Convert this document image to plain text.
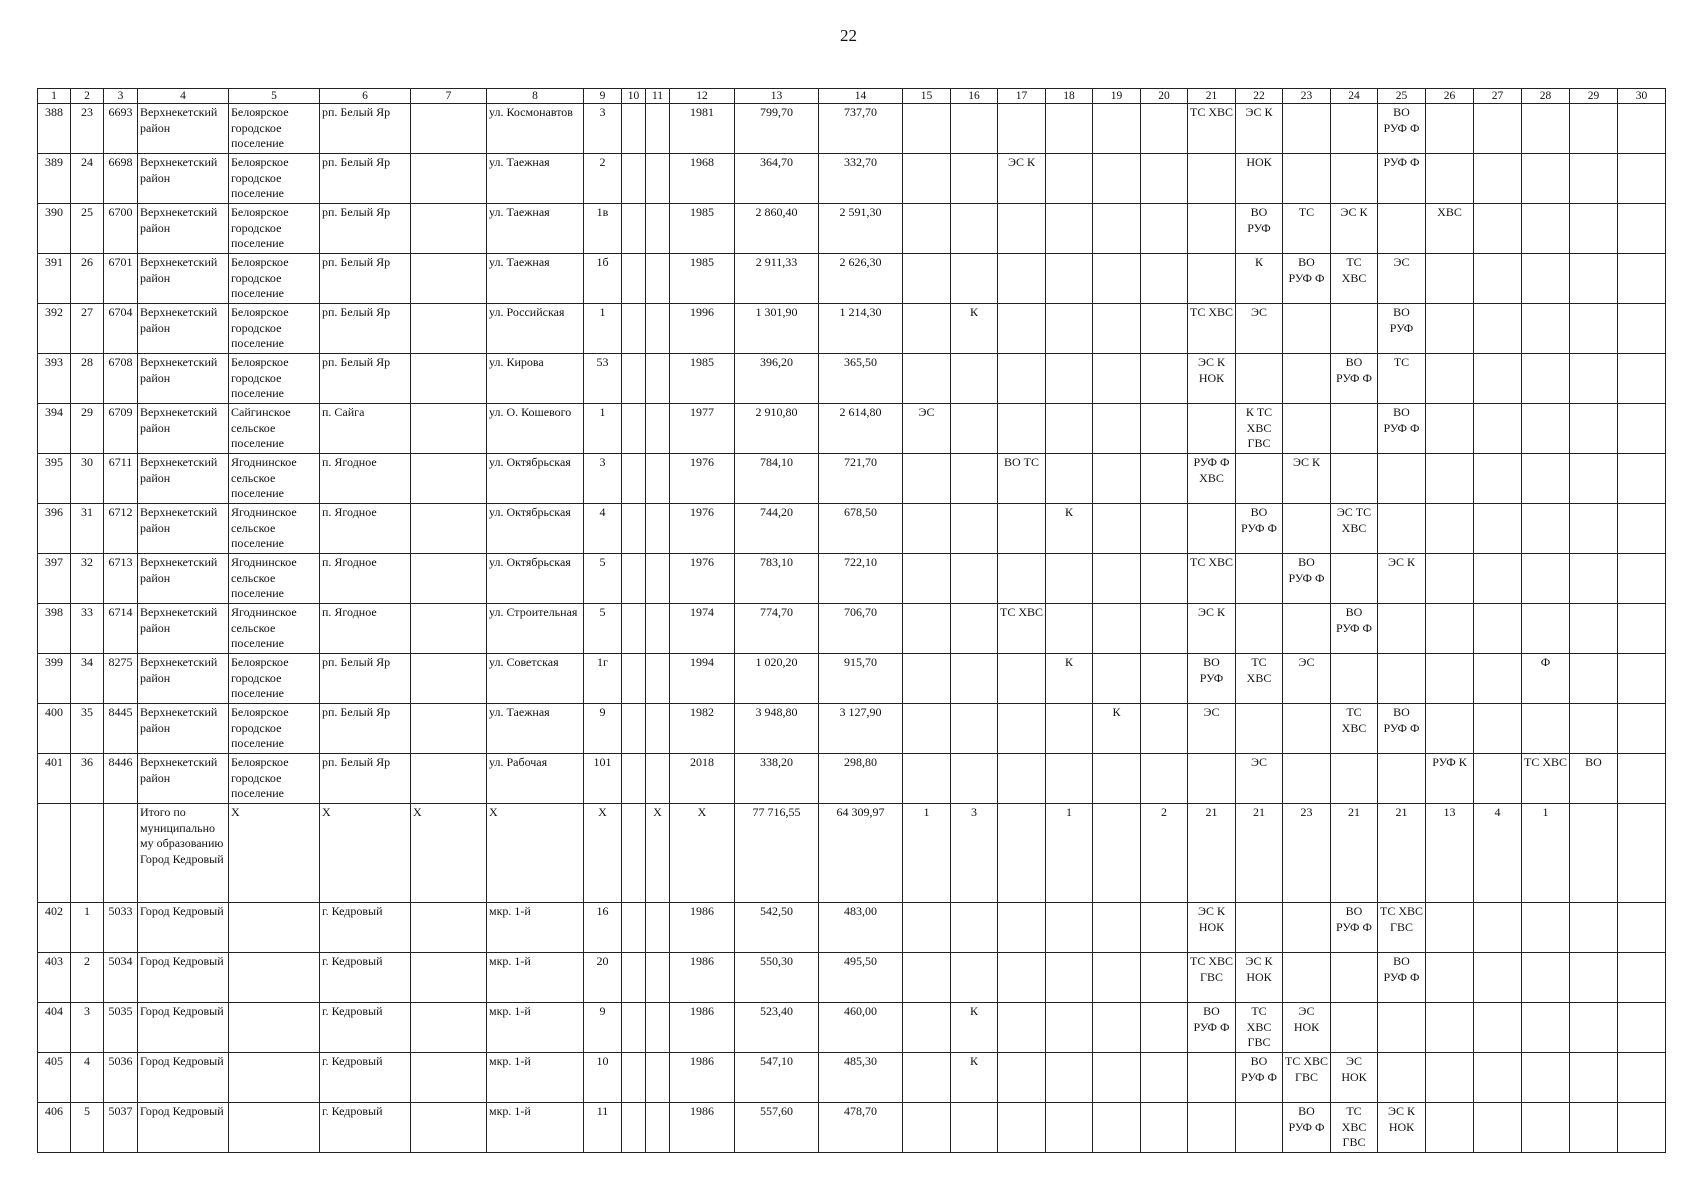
22
1	2	3	4	5	6	7	8	9	10	11	12	13	14	15	16	17	18	19	20	21	22	23	24	25	26	27	28	29	30
388	23	6693	Верхнекетский район	Белоярское городское поселение	рп. Белый Яр		ул. Космонавтов	3			1981	799,70	737,70							ТС ХВС	ЭС К			ВО РУФ Ф					
389	24	6698	Верхнекетский район	Белоярское городское поселение	рп. Белый Яр		ул. Таежная	2			1968	364,70	332,70			ЭС К					НОК			РУФ Ф					
390	25	6700	Верхнекетский район	Белоярское городское поселение	рп. Белый Яр		ул. Таежная	1в			1985	2 860,40	2 591,30								ВО РУФ	ТС	ЭС К		ХВС				
391	26	6701	Верхнекетский район	Белоярское городское поселение	рп. Белый Яр		ул. Таежная	1б			1985	2 911,33	2 626,30								К	ВО РУФ Ф	ТС ХВС	ЭС					
392	27	6704	Верхнекетский район	Белоярское городское поселение	рп. Белый Яр		ул. Российская	1			1996	1 301,90	1 214,30		К					ТС ХВС	ЭС			ВО РУФ					
393	28	6708	Верхнекетский район	Белоярское городское поселение	рп. Белый Яр		ул. Кирова	53			1985	396,20	365,50							ЭС К НОК			ВО РУФ Ф	ТС					
394	29	6709	Верхнекетский район	Сайгинское сельское поселение	п. Сайга		ул. О. Кошевого	1			1977	2 910,80	2 614,80	ЭС							К ТС ХВС ГВС			ВО РУФ Ф					
395	30	6711	Верхнекетский район	Ягоднинское сельское поселение	п. Ягодное		ул. Октябрьская	3			1976	784,10	721,70			ВО ТС				РУФ Ф ХВС		ЭС К							
396	31	6712	Верхнекетский район	Ягоднинское сельское поселение	п. Ягодное		ул. Октябрьская	4			1976	744,20	678,50				К				ВО РУФ Ф		ЭС ТС ХВС						
397	32	6713	Верхнекетский район	Ягоднинское сельское поселение	п. Ягодное		ул. Октябрьская	5			1976	783,10	722,10							ТС ХВС		ВО РУФ Ф		ЭС К					
398	33	6714	Верхнекетский район	Ягоднинское сельское поселение	п. Ягодное		ул. Строительная	5			1974	774,70	706,70			ТС ХВС				ЭС К			ВО РУФ Ф						
399	34	8275	Верхнекетский район	Белоярское городское поселение	рп. Белый Яр		ул. Советская	1г			1994	1 020,20	915,70				К			ВО РУФ	ТС ХВС	ЭС					Ф		
400	35	8445	Верхнекетский район	Белоярское городское поселение	рп. Белый Яр		ул. Таежная	9			1982	3 948,80	3 127,90					К		ЭС			ТС ХВС	ВО РУФ Ф					
401	36	8446	Верхнекетский район	Белоярское городское поселение	рп. Белый Яр		ул. Рабочая	101			2018	338,20	298,80								ЭС				РУФ К		ТС ХВС	ВО	
			Итого по муниципально му образованию Город Кедровый	Х	Х	Х	Х	Х		Х	Х	77 716,55	64 309,97	1	3		1		2	21	21	23	21	21	13	4	1		
402	1	5033	Город Кедровый		г. Кедровый		мкр. 1-й	16			1986	542,50	483,00							ЭС К НОК			ВО РУФ Ф	ТС ХВС ГВС					
403	2	5034	Город Кедровый		г. Кедровый		мкр. 1-й	20			1986	550,30	495,50							ТС ХВС ГВС	ЭС К НОК			ВО РУФ Ф					
404	3	5035	Город Кедровый		г. Кедровый		мкр. 1-й	9			1986	523,40	460,00		К					ВО РУФ Ф	ТС ХВС ГВС	ЭС НОК							
405	4	5036	Город Кедровый		г. Кедровый		мкр. 1-й	10			1986	547,10	485,30		К						ВО РУФ Ф	ТС ХВС ГВС	ЭС НОК						
406	5	5037	Город Кедровый		г. Кедровый		мкр. 1-й	11			1986	557,60	478,70									ВО РУФ Ф	ТС ХВС ГВС	ЭС К НОК					
